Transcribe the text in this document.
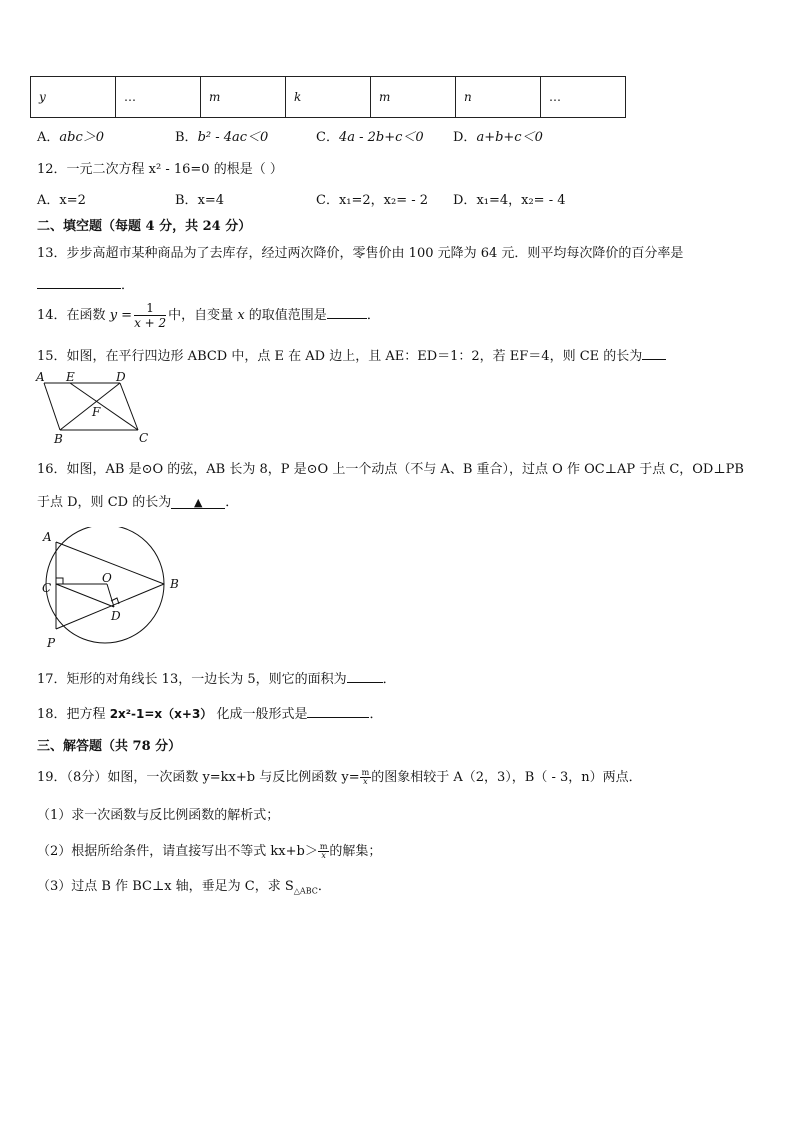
y	…	m	k	m	n	…
A．abc＞0	B．b² - 4ac＜0	C．4a - 2b+c＜0 D．a+b+c＜0
12．一元二次方程 x² - 16=0 的根是（ ）
A．x=2	B．x=4	C．x₁=2，x₂= - 2 D．x₁=4，x₂= - 4
二、填空题（每题 4 分，共 24 分）
13．步步高超市某种商品为了去库存，经过两次降价，零售价由 100 元降为 64 元．则平均每次降价的百分率是
．
14．在函数 $y = \frac{1}{x + 2}$ 中，自变量 x 的取值范围是	．
15．如图，在平行四边形 ABCD 中，点 E 在 AD 边上，且 AE：ED＝1：2，若 EF＝4，则 CE 的长为
A E	D
F
B	C
16．如图，AB 是⊙O 的弦，AB 长为 8，P 是⊙O 上一个动点（不与 A、B 重合），过点 O 作 OC⊥AP 于点 C，OD⊥PB
于点 D，则 CD 的长为 ▲ ．
A
B
C
O
D
P
17．矩形的对角线长 13，一边长为 5，则它的面积为	．
18．把方程 2x²-1=x（x+3） 化成一般形式是	．
三、解答题（共 78 分）
19．（8分）如图，一次函数 y=kx+b 与反比例函数 $y= \frac{m}{x}$ 的图象相较于 A（2，3），B（ - 3，n）两点．
（1）求一次函数与反比例函数的解析式；
（2）根据所给条件，请直接写出不等式 $kx+b> \frac{m}{x}$ 的解集；
（3）过点 B 作 BC⊥x 轴，垂足为 C，求 $S_{\triangle ABC}$．
